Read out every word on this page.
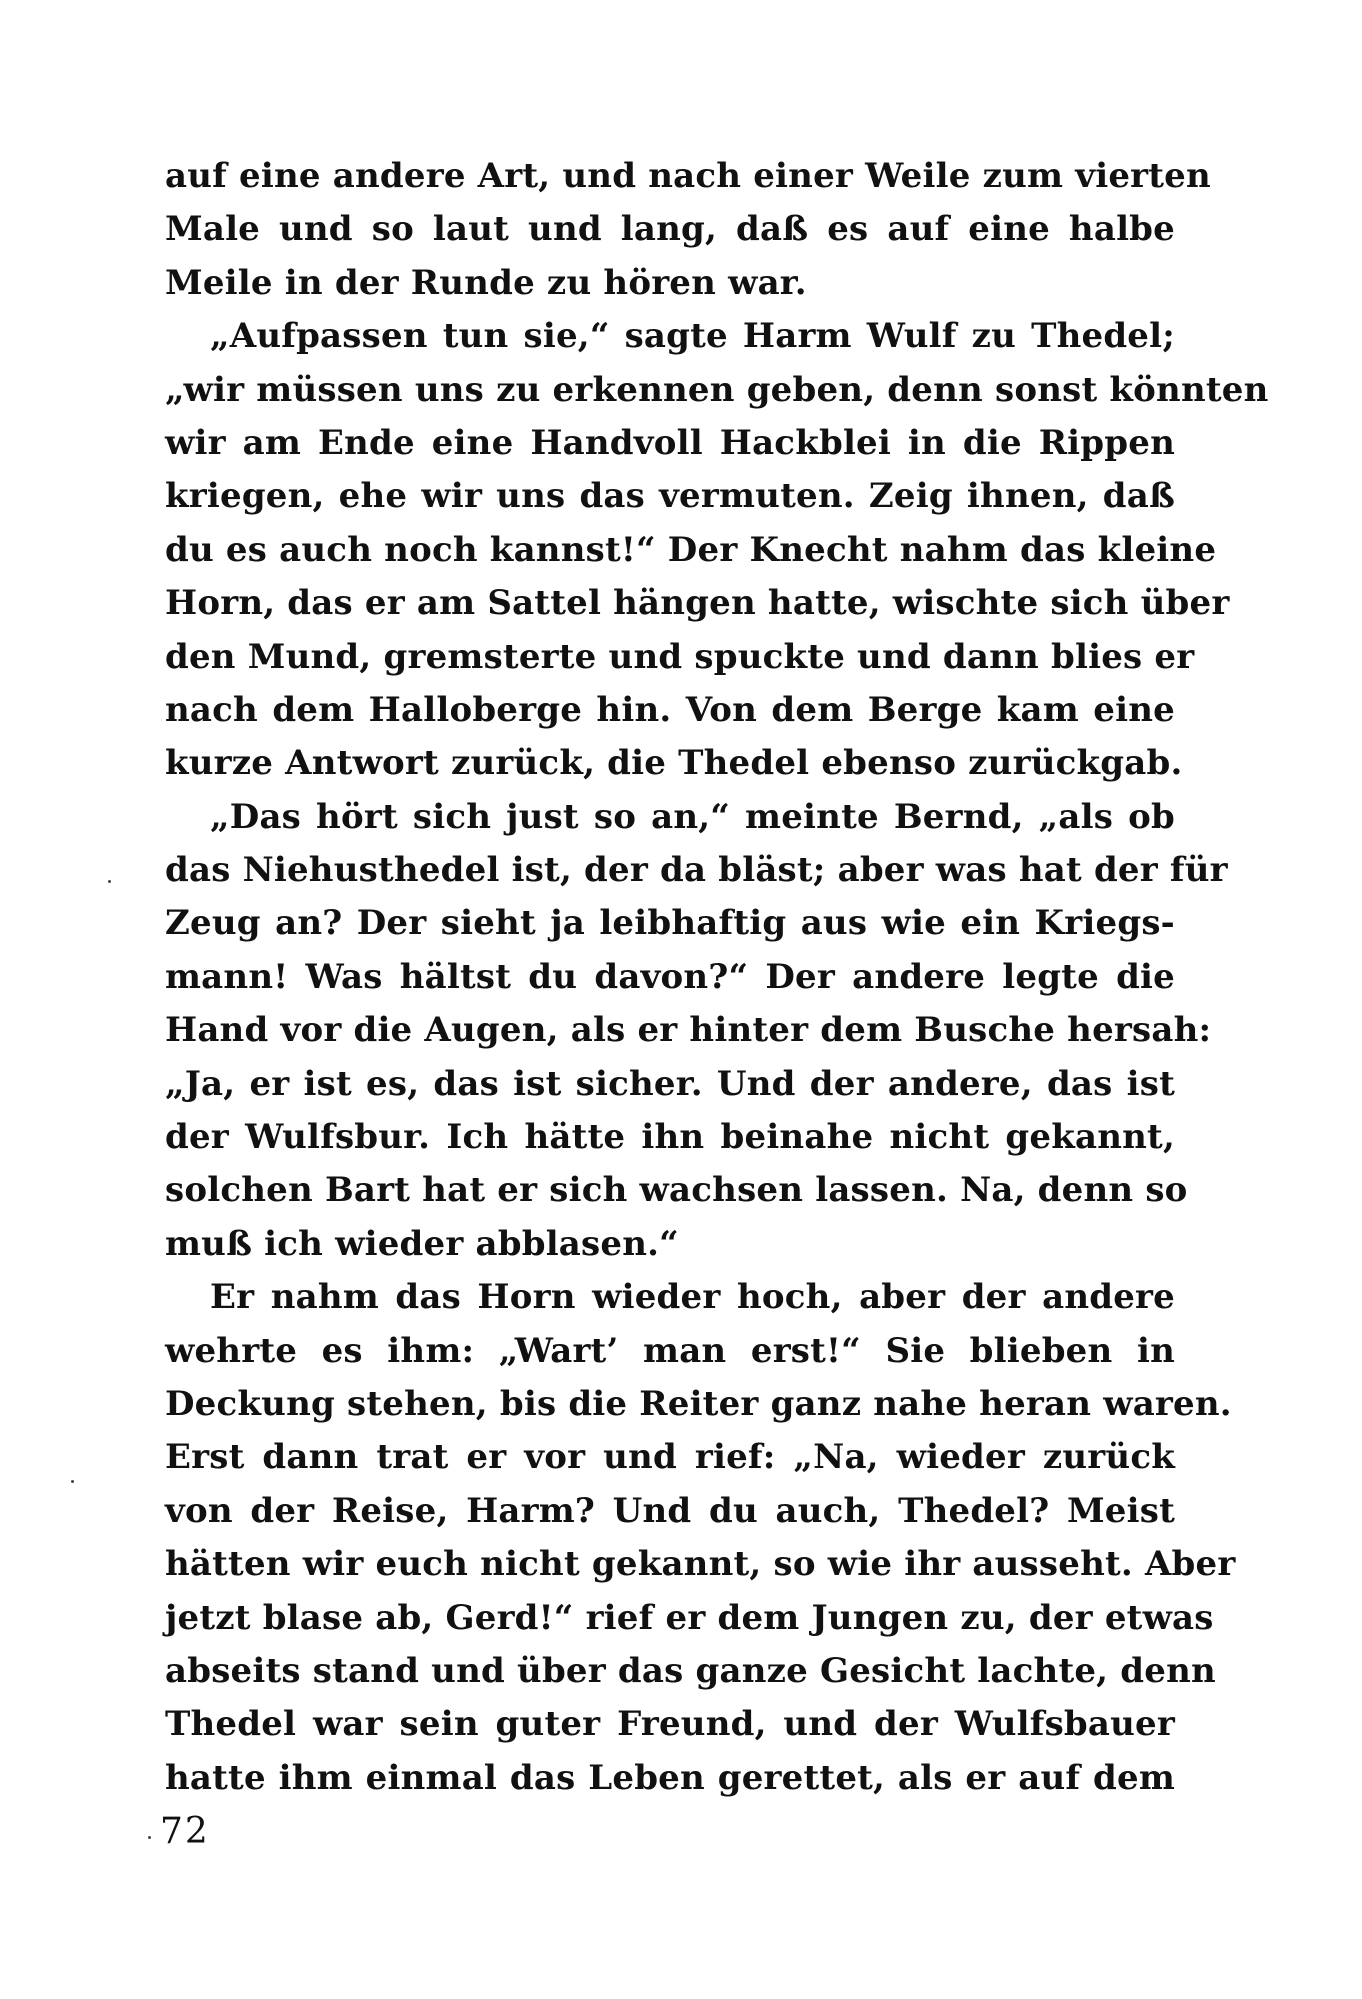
auf eine andere Art, und nach einer Weile zum vierten
Male und so laut und lang, daß es auf eine halbe
Meile in der Runde zu hören war.
„Aufpassen tun sie,“ sagte Harm Wulf zu Thedel;
„wir müssen uns zu erkennen geben, denn sonst könnten
wir am Ende eine Handvoll Hackblei in die Rippen
kriegen, ehe wir uns das vermuten. Zeig ihnen, daß
du es auch noch kannst!“ Der Knecht nahm das kleine
Horn, das er am Sattel hängen hatte, wischte sich über
den Mund, gremsterte und spuckte und dann blies er
nach dem Halloberge hin. Von dem Berge kam eine
kurze Antwort zurück, die Thedel ebenso zurückgab.
„Das hört sich just so an,“ meinte Bernd, „als ob
das Niehusthedel ist, der da bläst; aber was hat der für
Zeug an? Der sieht ja leibhaftig aus wie ein Kriegs-
mann! Was hältst du davon?“ Der andere legte die
Hand vor die Augen, als er hinter dem Busche hersah:
„Ja, er ist es, das ist sicher. Und der andere, das ist
der Wulfsbur. Ich hätte ihn beinahe nicht gekannt,
solchen Bart hat er sich wachsen lassen. Na, denn so
muß ich wieder abblasen.“
Er nahm das Horn wieder hoch, aber der andere
wehrte es ihm: „Wart’ man erst!“ Sie blieben in
Deckung stehen, bis die Reiter ganz nahe heran waren.
Erst dann trat er vor und rief: „Na, wieder zurück
von der Reise, Harm? Und du auch, Thedel? Meist
hätten wir euch nicht gekannt, so wie ihr ausseht. Aber
jetzt blase ab, Gerd!“ rief er dem Jungen zu, der etwas
abseits stand und über das ganze Gesicht lachte, denn
Thedel war sein guter Freund, und der Wulfsbauer
hatte ihm einmal das Leben gerettet, als er auf dem
72
